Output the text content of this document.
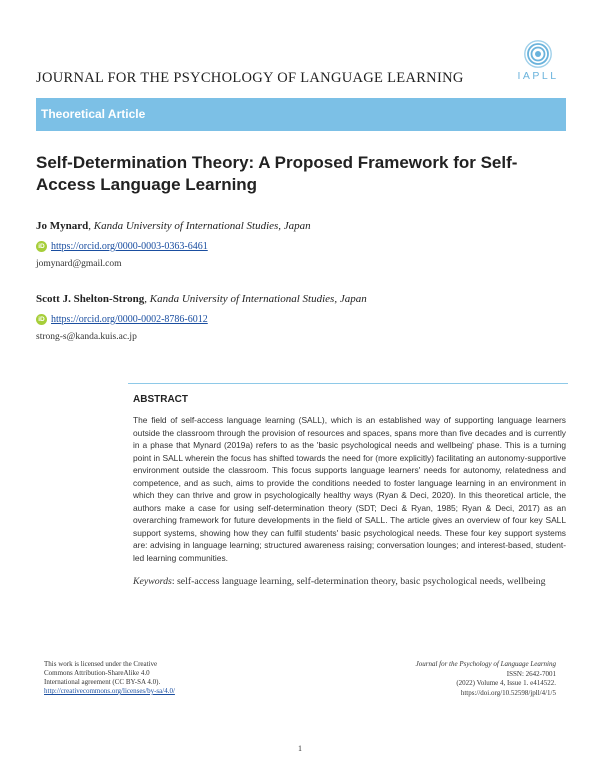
JOURNAL FOR THE PSYCHOLOGY OF LANGUAGE LEARNING	IAPLL
Theoretical Article
Self-Determination Theory: A Proposed Framework for Self-Access Language Learning
Jo Mynard, Kanda University of International Studies, Japan
iD https://orcid.org/0000-0003-0363-6461
jomynard@gmail.com
Scott J. Shelton-Strong, Kanda University of International Studies, Japan
iD https://orcid.org/0000-0002-8786-6012
strong-s@kanda.kuis.ac.jp
ABSTRACT
The field of self-access language learning (SALL), which is an established way of supporting language learners outside the classroom through the provision of resources and spaces, spans more than five decades and is currently in a phase that Mynard (2019a) refers to as the 'basic psychological needs and wellbeing' phase. This is a turning point in SALL wherein the focus has shifted towards the need for (more explicitly) facilitating an autonomy-supportive environment outside the classroom. This focus supports language learners' needs for autonomy, relatedness and competence, and as such, aims to provide the conditions needed to foster language learning in an environment in which they can thrive and grow in psychologically healthy ways (Ryan & Deci, 2020). In this theoretical article, the authors make a case for using self-determination theory (SDT; Deci & Ryan, 1985; Ryan & Deci, 2017) as an overarching framework for future developments in the field of SALL. The article gives an overview of four key SALL support systems, showing how they can fulfil students' basic psychological needs. These four key support systems are: advising in language learning; structured awareness raising; conversation lounges; and interest-based, student-led learning communities.
Keywords: self-access language learning, self-determination theory, basic psychological needs, wellbeing
This work is licensed under the Creative
Commons Attribution-ShareAlike 4.0
International agreement (CC BY-SA 4.0).
http://creativecommons.org/licenses/by-sa/4.0/
Journal for the Psychology of Language Learning
ISSN: 2642-7001
(2022) Volume 4, Issue 1. e414522.
https://doi.org/10.52598/jpll/4/1/5
1
